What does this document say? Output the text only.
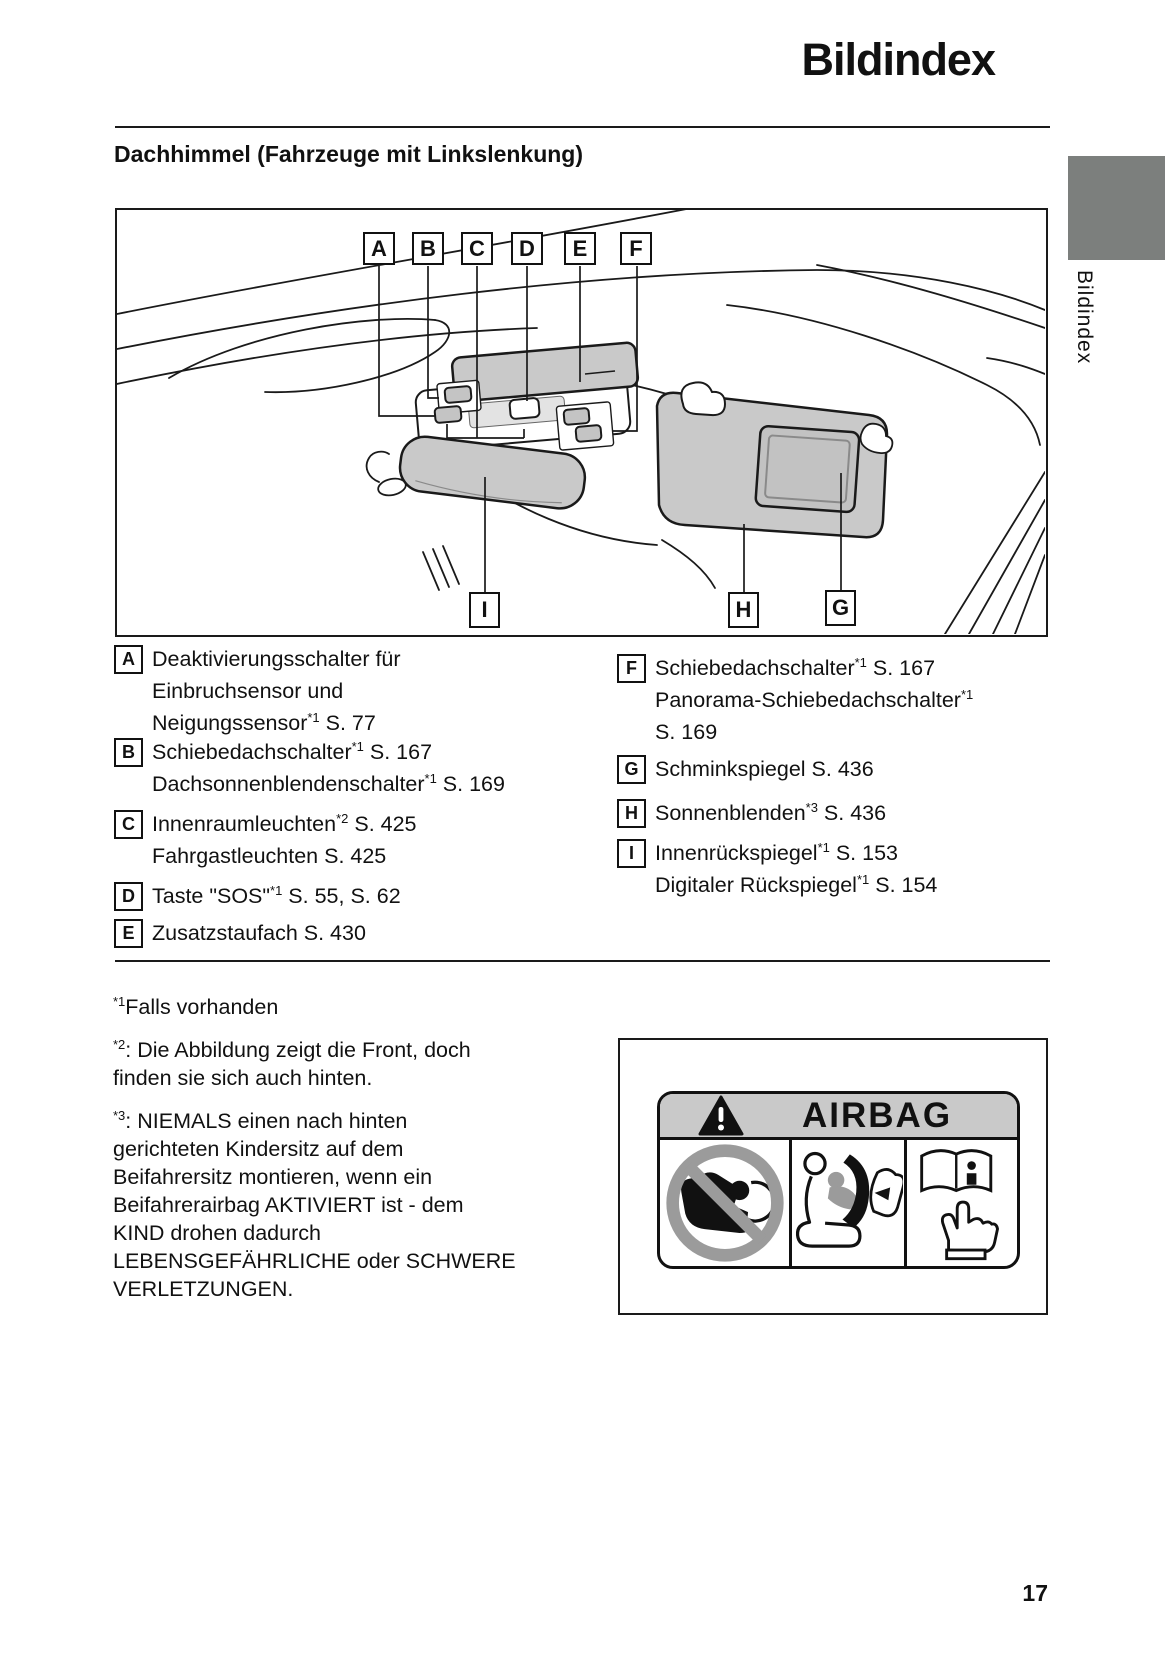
Bildindex
Dachhimmel (Fahrzeuge mit Linkslenkung)
Bildindex
A	B	C	D	E	F
I	H	G
A Deaktivierungsschalter für
Einbruchsensor und
Neigungssensor$^{*1}$ S. 77
B Schiebedachschalter$^{*1}$ S. 167
Dachsonnenblendenschalter$^{*1}$ S. 169
C Innenraumleuchten$^{*2}$ S. 425
Fahrgastleuchten S. 425
D Taste "SOS"$^{*1}$ S. 55, S. 62
E Zusatzstaufach S. 430
F Schiebedachschalter$^{*1}$ S. 167
Panorama-Schiebedachschalter$^{*1}$
S. 169
G Schminkspiegel S. 436
H Sonnenblenden$^{*3}$ S. 436
I Innenrückspiegel$^{*1}$ S. 153
Digitaler Rückspiegel$^{*1}$ S. 154

$^{*1}$Falls vorhanden

$^{*2}$: Die Abbildung zeigt die Front, doch finden sie sich auch hinten.

$^{*3}$: NIEMALS einen nach hinten gerichteten Kindersitz auf dem Beifahrersitz montieren, wenn ein Beifahrerairbag AKTIVIERT ist - dem KIND drohen dadurch LEBENSGEFÄHRLICHE oder SCHWERE VERLETZUNGEN.

AIRBAG
17
